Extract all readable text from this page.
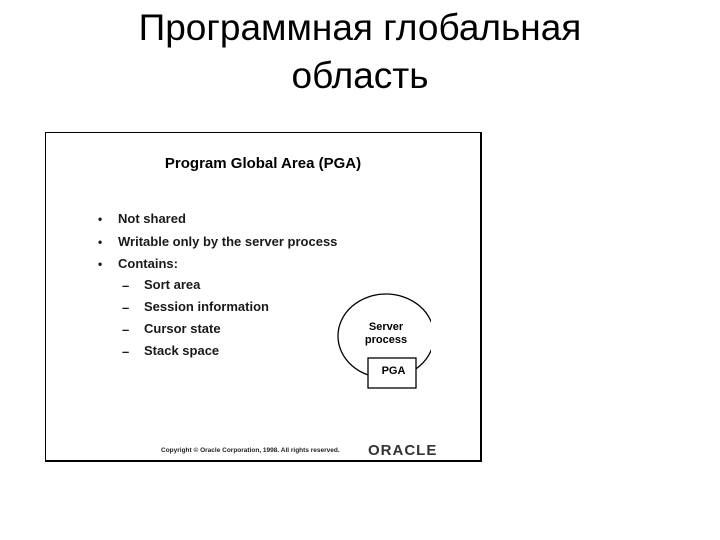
Программная глобальная
область
Program Global Area (PGA)
• Not shared
• Writable only by the server process
• Contains:
– Sort area
– Session information
– Cursor state
– Stack space
Server
process
PGA
Copyright © Oracle Corporation, 1998. All rights reserved. ORACLE
